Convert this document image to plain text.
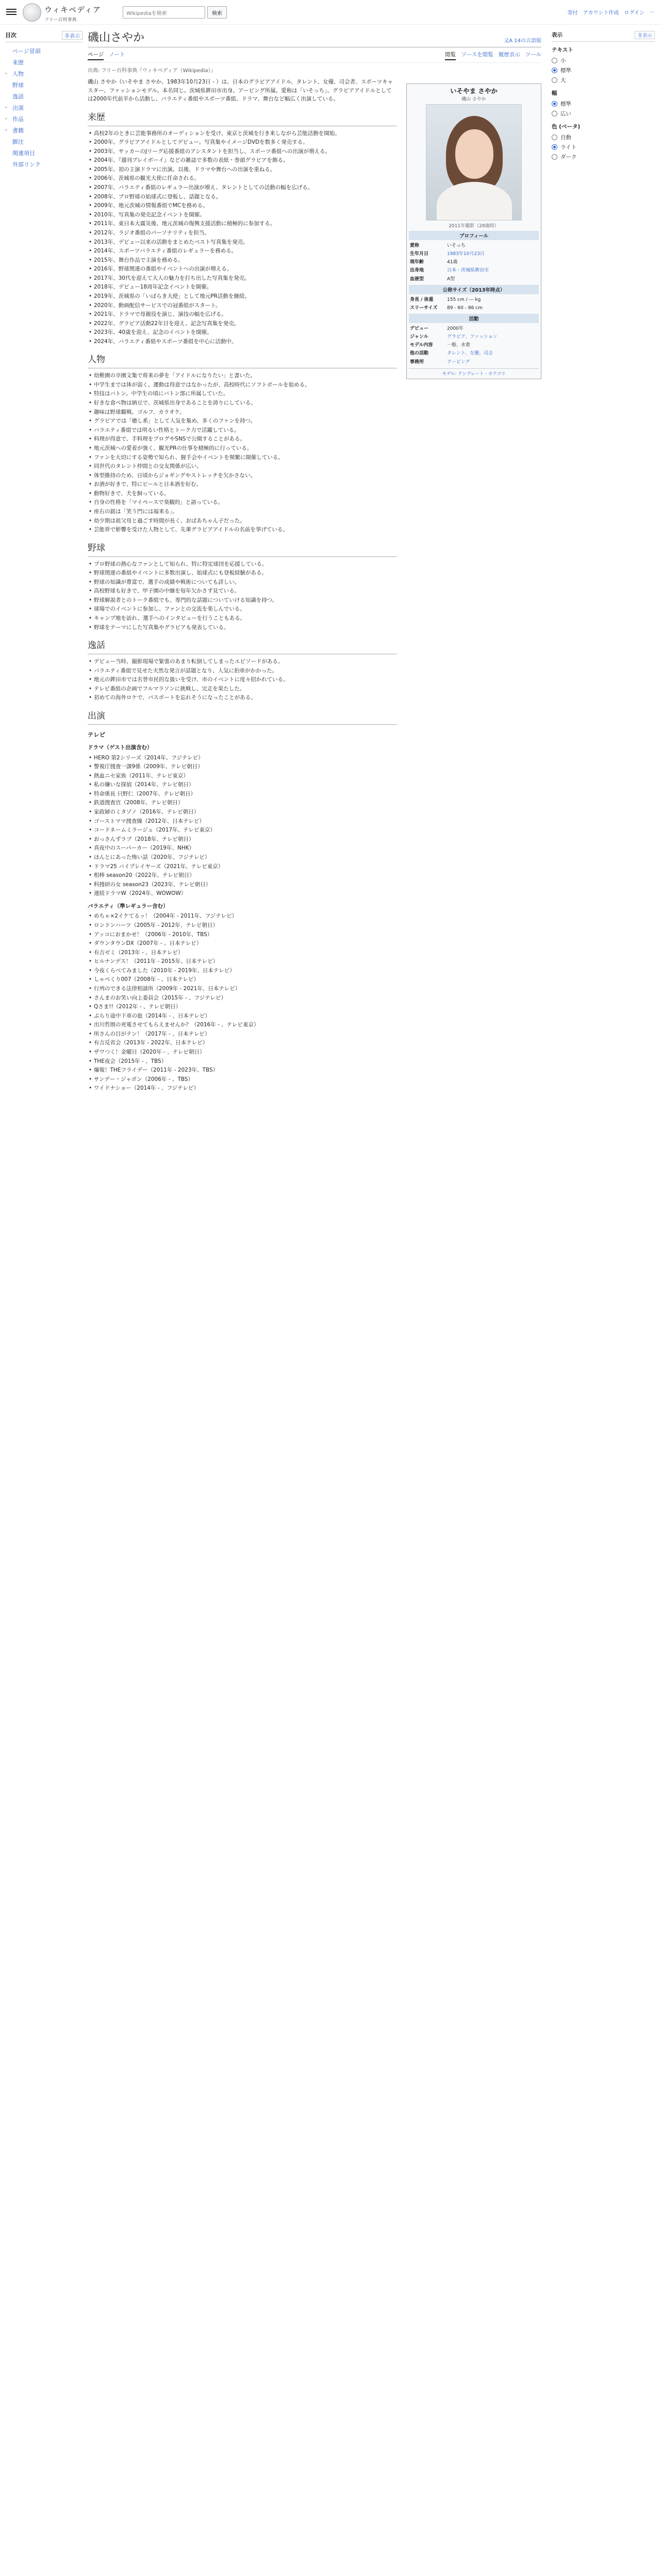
ウィキペディア
フリー百科事典
Wikipediaを検索	検索	寄付 アカウント作成 ログイン …
目次	非表示
ページ冒頭
来歴
› 人物
野球
逸話
› 出演
› 作品
› 書籍
脚注
関連項目
外部リンク
磯山さやか	文A 14の言語版
ページ ノート	閲覧 ソースを閲覧 履歴表示 ツール
出典: フリー百科事典『ウィキペディア（Wikipedia）』
いそやま さやか
磯山 さやか
2011年撮影（28歳時）
プロフィール
愛称	いそっち
生年月日	1983年10月23日
現年齢	41歳
出身地	日本・茨城県鉾田市
血液型	A型
公称サイズ（2013年時点）
身長 / 体重	155 cm / ― kg
スリーサイズ	89 - 60 - 86 cm
活動
デビュー	2000年
ジャンル	グラビア、ファッション
モデル内容	一般、水着
他の活動	タレント、女優、司会
事務所	アービング
モデル: テンプレート - カテゴリ

磯山 さやか（いそやま さやか、1983年10月23日 - ）は、日本のグラビアアイドル、タレント、女優、司会者、スポーツキャスター、ファッションモデル。本名同じ。茨城県鉾田市出身。アービング所属。愛称は「いそっち」。グラビアアイドルとしては2000年代前半から活動し、バラエティ番組やスポーツ番組、ドラマ、舞台など幅広く出演している。

来歴
• 高校2年のときに芸能事務所のオーディションを受け、東京と茨城を行き来しながら芸能活動を開始。
• 2000年、グラビアアイドルとしてデビュー。写真集やイメージDVDを数多く発売する。
• 2003年、サッカーのJリーグ応援番組のアシスタントを担当し、スポーツ番組への出演が増える。
• 2004年、『週刊プレイボーイ』などの雑誌で多数の表紙・巻頭グラビアを飾る。
• 2005年、初の主演ドラマに出演。以後、ドラマや舞台への出演を重ねる。
• 2006年、茨城県の観光大使に任命される。
• 2007年、バラエティ番組のレギュラー出演が増え、タレントとしての活動の幅を広げる。
• 2008年、プロ野球の始球式に登板し、話題となる。
• 2009年、地元茨城の情報番組でMCを務める。
• 2010年、写真集の発売記念イベントを開催。
• 2011年、東日本大震災後、地元茨城の復興支援活動に積極的に参加する。
• 2012年、ラジオ番組のパーソナリティを担当。
• 2013年、デビュー以来の活動をまとめたベスト写真集を発売。
• 2014年、スポーツバラエティ番組のレギュラーを務める。
• 2015年、舞台作品で主演を務める。
• 2016年、野球関連の番組やイベントへの出演が増える。
• 2017年、30代を迎えて大人の魅力を打ち出した写真集を発売。
• 2018年、デビュー18周年記念イベントを開催。
• 2019年、茨城県の「いばらき大使」として地元PR活動を継続。
• 2020年、動画配信サービスでの冠番組がスタート。
• 2021年、ドラマで母親役を演じ、演技の幅を広げる。
• 2022年、グラビア活動22年目を迎え、記念写真集を発売。
• 2023年、40歳を迎え、記念のイベントを開催。
• 2024年、バラエティ番組やスポーツ番組を中心に活動中。
人物
• 幼稚園の卒園文集で将来の夢を「アイドルになりたい」と書いた。
• 中学生までは体が弱く、運動は得意ではなかったが、高校時代にソフトボールを始める。
• 特技はバトン。中学生の頃にバトン部に所属していた。
• 好きな食べ物は納豆で、茨城県出身であることを誇りにしている。
• 趣味は野球観戦、ゴルフ、カラオケ。
• グラビアでは「癒し系」として人気を集め、多くのファンを持つ。
• バラエティ番組では明るい性格とトーク力で活躍している。
• 料理が得意で、手料理をブログやSNSで公開することがある。
• 地元茨城への愛着が強く、観光PRの仕事を積極的に行っている。
• ファンを大切にする姿勢で知られ、握手会やイベントを頻繁に開催している。
• 同世代のタレント仲間との交友関係が広い。
• 体型維持のため、日頃からジョギングやストレッチを欠かさない。
• お酒が好きで、特にビールと日本酒を好む。
• 動物好きで、犬を飼っている。
• 自身の性格を「マイペースで楽観的」と語っている。
• 座右の銘は「笑う門には福来る」。
• 幼少期は祖父母と過ごす時間が長く、おばあちゃん子だった。
• 芸能界で影響を受けた人物として、先輩グラビアアイドルの名前を挙げている。
野球
• プロ野球の熱心なファンとして知られ、特に特定球団を応援している。
• 野球関連の番組やイベントに多数出演し、始球式にも登板経験がある。
• 野球の知識が豊富で、選手の成績や戦術についても詳しい。
• 高校野球も好きで、甲子園の中継を毎年欠かさず見ている。
• 野球解説者とのトーク番組でも、専門的な話題についていける知識を持つ。
• 球場でのイベントに参加し、ファンとの交流を楽しんでいる。
• キャンプ地を訪れ、選手へのインタビューを行うこともある。
• 野球をテーマにした写真集やグラビアも発表している。
逸話
• デビュー当時、撮影現場で緊張のあまり転倒してしまったエピソードがある。
• バラエティ番組で見せた天然な発言が話題となり、人気に拍車がかかった。
• 地元の鉾田市では名誉市民的な扱いを受け、市のイベントに度々招かれている。
• テレビ番組の企画でフルマラソンに挑戦し、完走を果たした。
• 初めての海外ロケで、パスポートを忘れそうになったことがある。
出演
テレビ
ドラマ（ゲスト出演含む）
• HERO 第2シリーズ（2014年、フジテレビ）
• 警視庁捜査一課9係（2009年、テレビ朝日）
• 熱血ニセ家族（2011年、テレビ東京）
• 私の嫌いな探偵（2014年、テレビ朝日）
• 特命係長 只野仁（2007年、テレビ朝日）
• 鉄道捜査官（2008年、テレビ朝日）
• 家政婦のミタゾノ（2016年、テレビ朝日）
• ゴーストママ捜査線（2012年、日本テレビ）
• コードネームミラージュ（2017年、テレビ東京）
• おっさんずラブ（2018年、テレビ朝日）
• 真夜中のスーパーカー（2019年、NHK）
• ほんとにあった怖い話（2020年、フジテレビ）
• ドラマ25 バイプレイヤーズ（2021年、テレビ東京）
• 相棒 season20（2022年、テレビ朝日）
• 科捜研の女 season23（2023年、テレビ朝日）
• 連続ドラマW（2024年、WOWOW）
バラエティ（準レギュラー含む）
• めちゃ×2イケてるッ！（2004年 - 2011年、フジテレビ）
• ロンドンハーツ（2005年 - 2012年、テレビ朝日）
• アッコにおまかせ！（2006年 - 2010年、TBS）
• ダウンタウンDX（2007年 - 、日本テレビ）
• 有吉ゼミ（2013年 - 、日本テレビ）
• ヒルナンデス！（2011年 - 2015年、日本テレビ）
• 今夜くらべてみました（2010年 - 2019年、日本テレビ）
• しゃべくり007（2008年 - 、日本テレビ）
• 行列のできる法律相談所（2009年 - 2021年、日本テレビ）
• さんまのお笑い向上委員会（2015年 - 、フジテレビ）
• Qさま!!（2012年 - 、テレビ朝日）
• ぶらり途中下車の旅（2014年 - 、日本テレビ）
• 出川哲朗の充電させてもらえませんか？（2016年 - 、テレビ東京）
• 所さんの目がテン！（2017年 - 、日本テレビ）
• 有吉反省会（2013年 - 2022年、日本テレビ）
• ザワつく！金曜日（2020年 - 、テレビ朝日）
• THE夜会（2015年 - 、TBS）
• 爆報！THEフライデー（2011年 - 2023年、TBS）
• サンデー・ジャポン（2006年 - 、TBS）
• ワイドナショー（2014年 - 、フジテレビ）
表示	非表示
テキスト
小
標準
大
幅
標準
広い
色 (ベータ)
自動
ライト
ダーク
